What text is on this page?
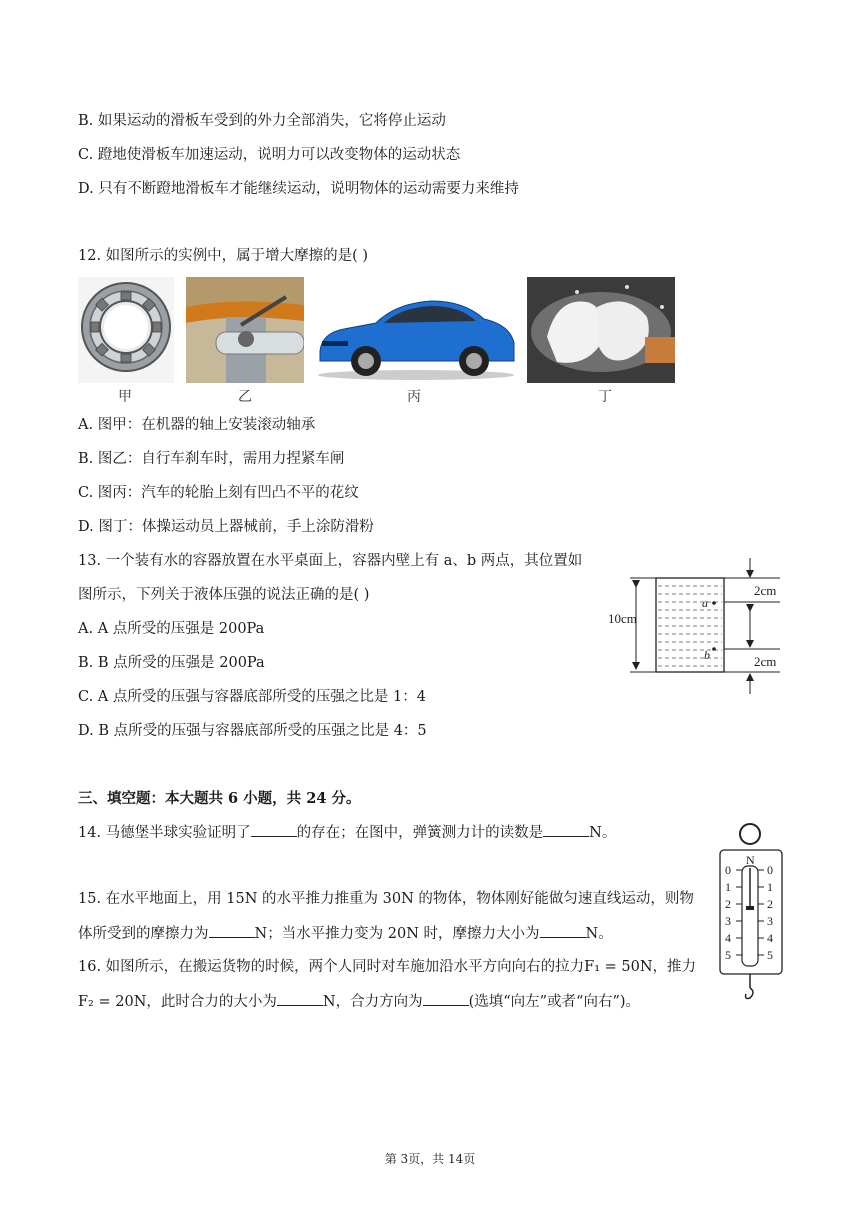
B. 如果运动的滑板车受到的外力全部消失，它将停止运动
C. 蹬地使滑板车加速运动，说明力可以改变物体的运动状态
D. 只有不断蹬地滑板车才能继续运动，说明物体的运动需要力来维持
12. 如图所示的实例中，属于增大摩擦的是( )
甲	乙	丙	丁
A. 图甲：在机器的轴上安装滚动轴承
B. 图乙：自行车刹车时，需用力捏紧车闸
C. 图丙：汽车的轮胎上刻有凹凸不平的花纹
D. 图丁：体操运动员上器械前，手上涂防滑粉
13. 一个装有水的容器放置在水平桌面上，容器内壁上有 a、b 两点，其位置如
图所示，下列关于液体压强的说法正确的是( )
A. A 点所受的压强是 200Pa
B. B 点所受的压强是 200Pa
C. A 点所受的压强与容器底部所受的压强之比是 1：4
D. B 点所受的压强与容器底部所受的压强之比是 4：5
10cm
2cm
2cm
a
b
三、填空题：本大题共 6 小题，共 24 分。
14. 马德堡半球实验证明了	的存在；在图中，弹簧测力计的读数是	N。
15. 在水平地面上，用 15N 的水平推力推重为 30N 的物体，物体刚好能做匀速直线运动，则物
体所受到的摩擦力为	N；当水平推力变为 20N 时，摩擦力大小为	N。
16. 如图所示，在搬运货物的时候，两个人同时对车施加沿水平方向向右的拉力F₁ = 50N，推力
F₂ = 20N，此时合力的大小为	N，合力方向为	(选填“向左”或者“向右”)。
N
0	0
1	1
2	2
3	3
4	4
5	5
第 3页，共 14页
